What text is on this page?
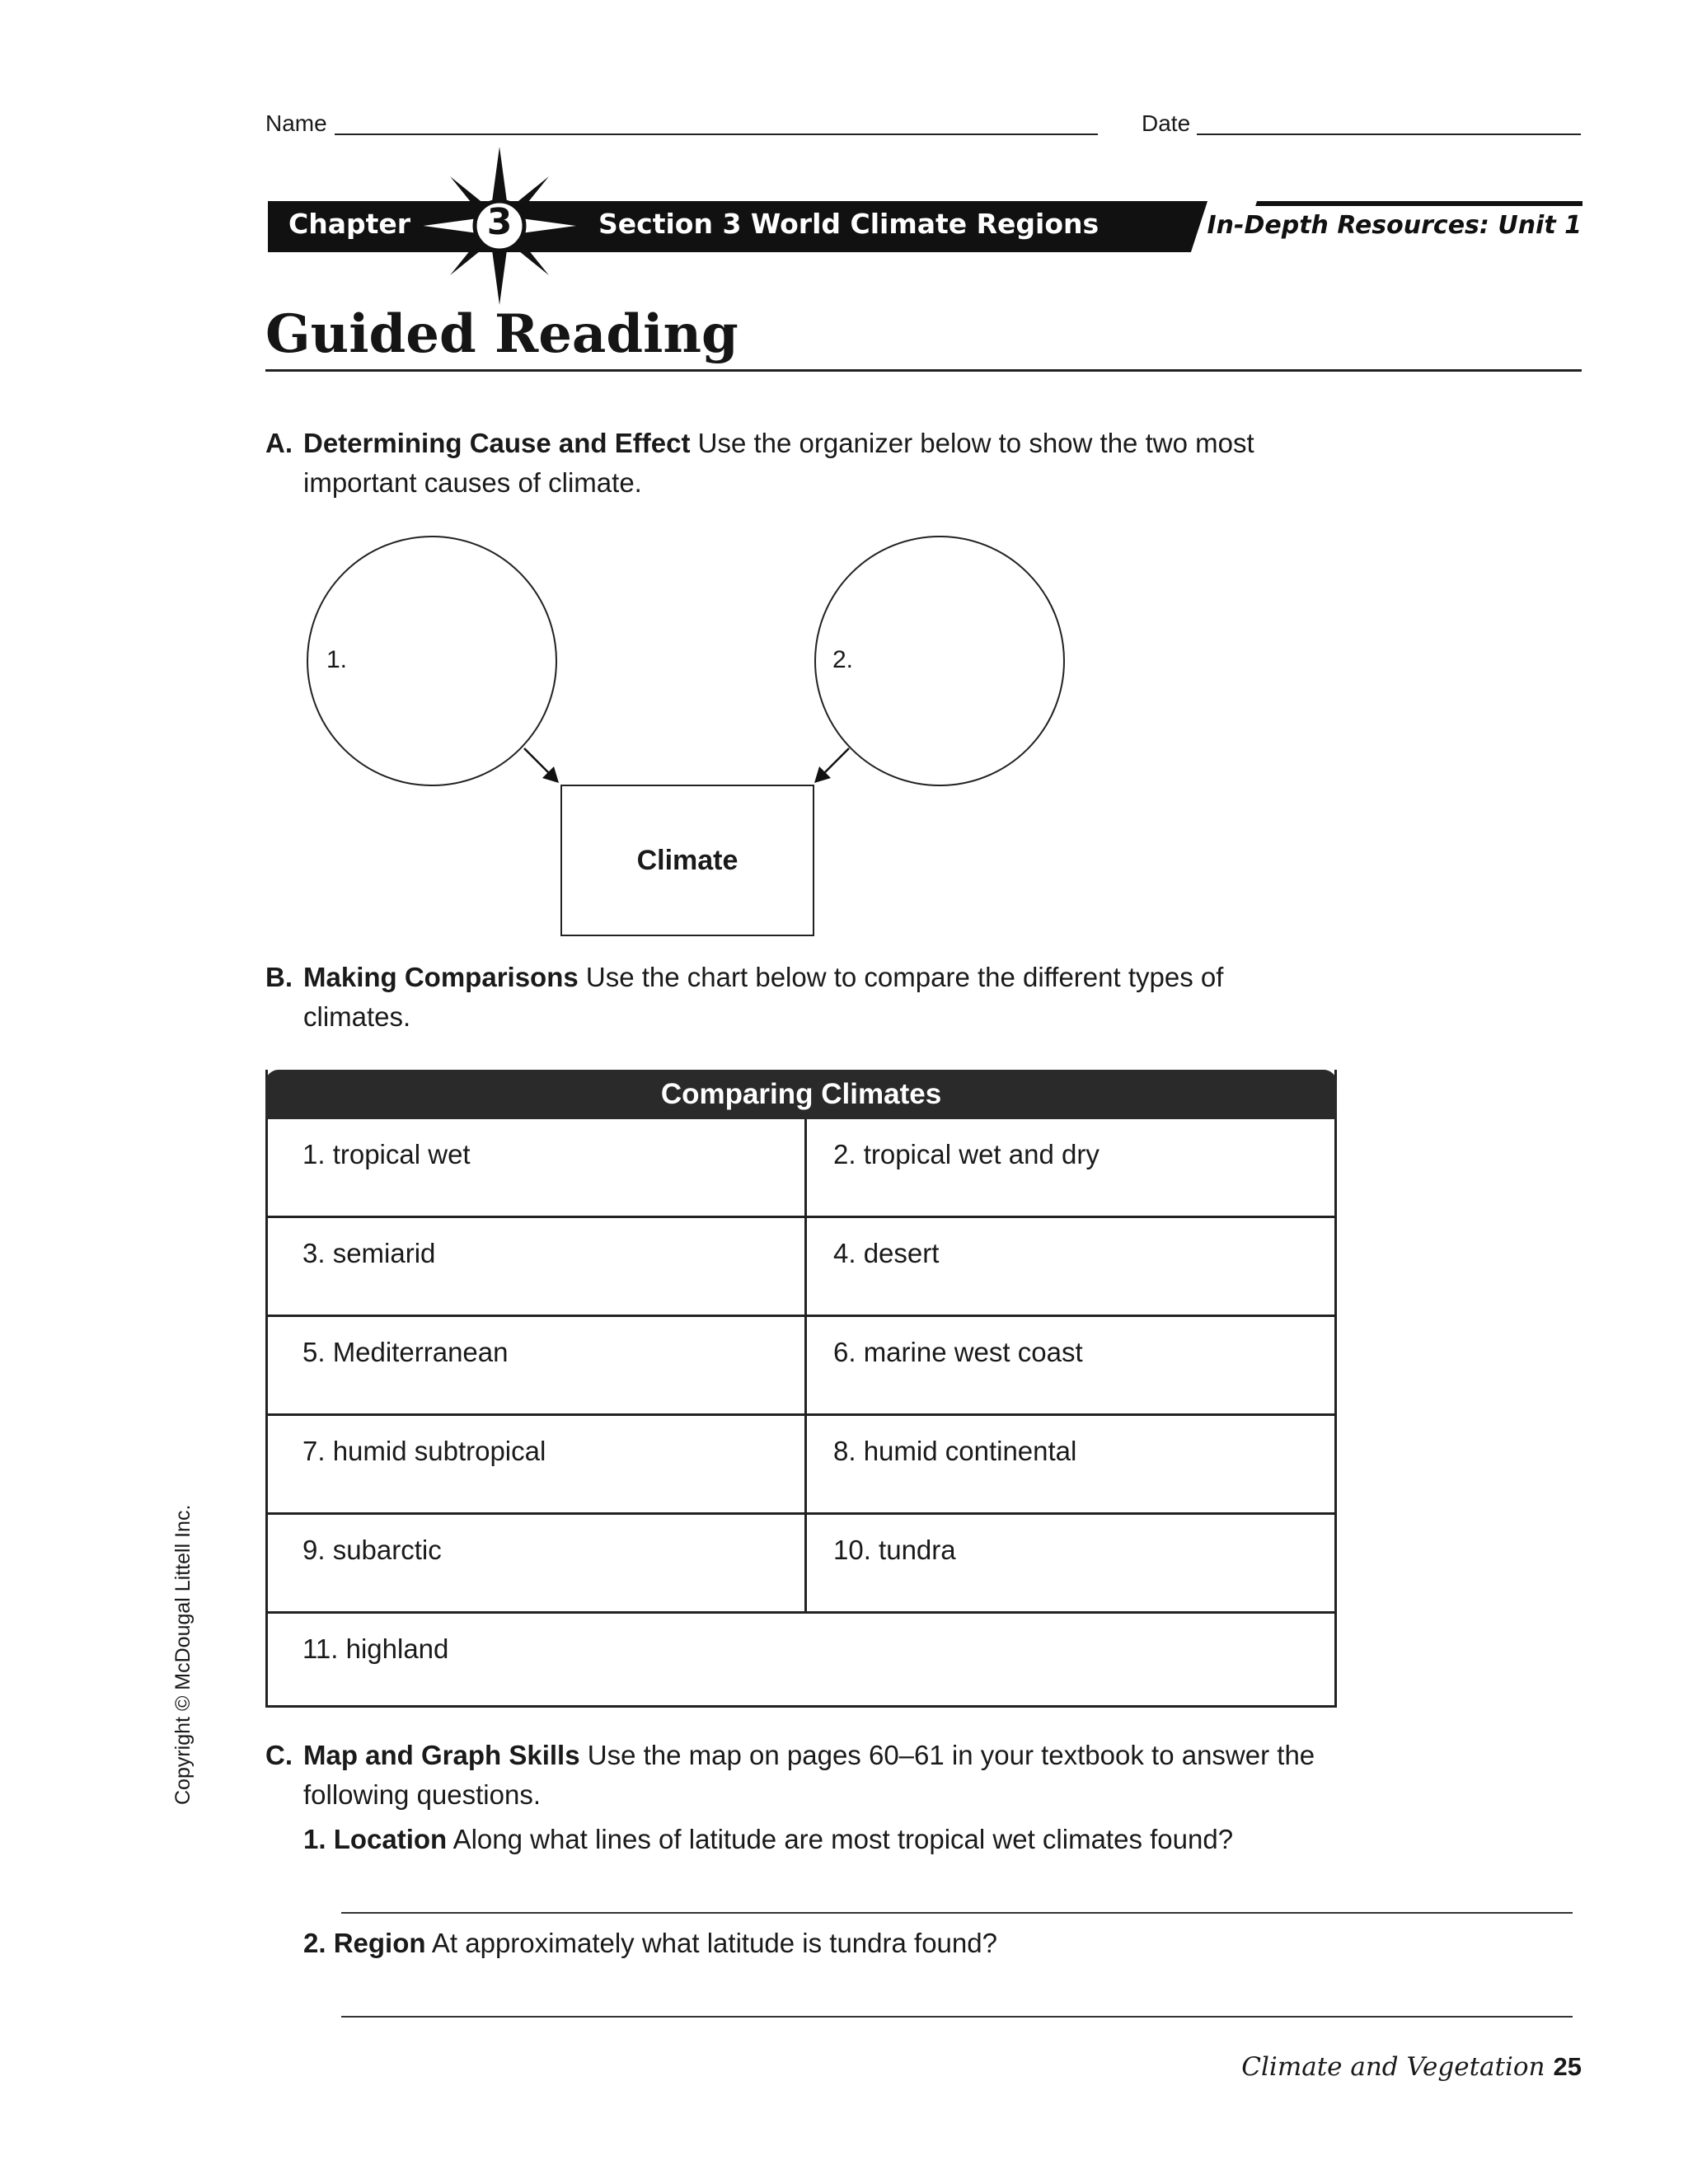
Name	Date
Chapter 3	Section 3 World Climate Regions	In-Depth Resources: Unit 1
Guided Reading
A. Determining Cause and Effect Use the organizer below to show the two most
important causes of climate.
1.	2.
Climate
B. Making Comparisons Use the chart below to compare the different types of
climates.
1. tropical wet	2. tropical wet and dry
3. semiarid	4. desert
5. Mediterranean	6. marine west coast
7. humid subtropical	8. humid continental
9. subarctic	10. tundra
11. highland
Comparing Climates
C. Map and Graph Skills Use the map on pages 60–61 in your textbook to answer the
following questions.
1. Location Along what lines of latitude are most tropical wet climates found?
2. Region At approximately what latitude is tundra found?
Climate and Vegetation 25
Copyright © McDougal Littell Inc.
